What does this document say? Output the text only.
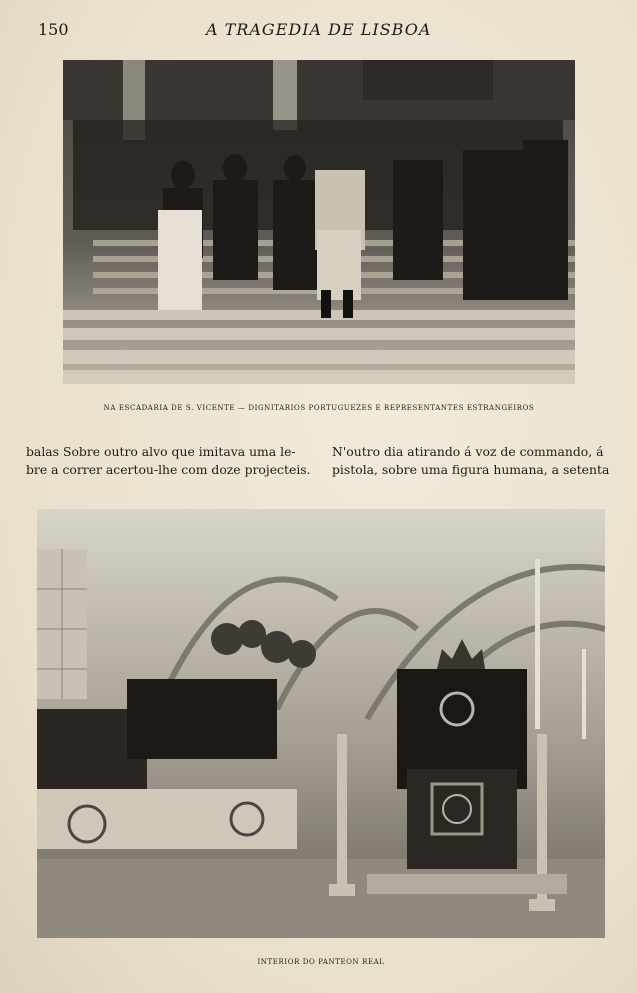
150	A TRAGEDIA DE LISBOA
NA ESCADARIA DE S. VICENTE — DIGNITARIOS PORTUGUEZES E REPRESENTANTES ESTRANGEIROS
balas Sobre outro alvo que imitava uma le-
bre a correr acertou-lhe com doze projecteis.
N'outro dia atirando á voz de commando, á
pistola, sobre uma figura humana, a setenta
INTERIOR DO PANTEON REAL
